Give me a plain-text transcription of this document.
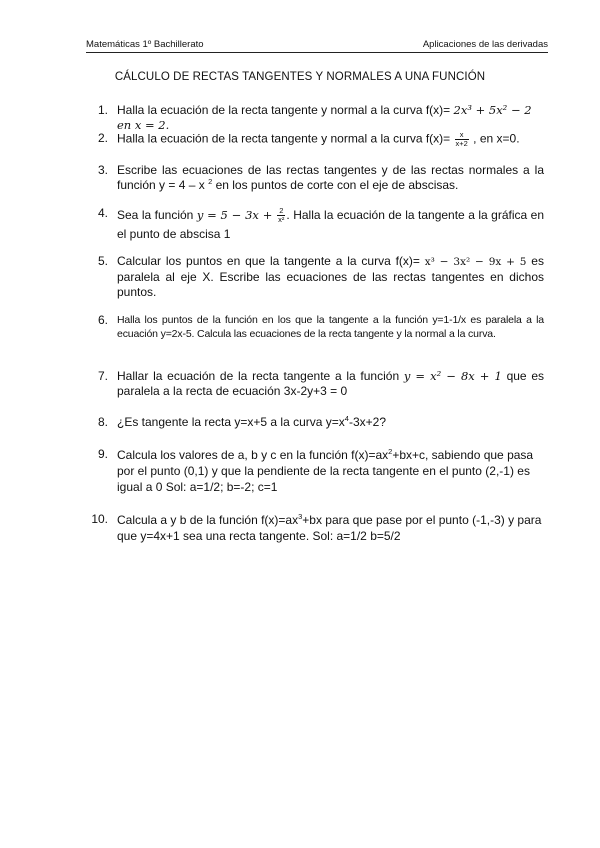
Matemáticas 1º Bachillerato	Aplicaciones de las derivadas
CÁLCULO DE RECTAS TANGENTES Y NORMALES A UNA FUNCIÓN
1. Halla la ecuación de la recta tangente y normal a la curva f(x)= 2x³ + 5x² − 2
en x = 2.
2. Halla la ecuación de la recta tangente y normal a la curva $f(x)= \frac{x}{x+2}$ , en x=0.
3. Escribe las ecuaciones de las rectas tangentes y de las rectas normales a la función y = 4 – x $^2$ en los puntos de corte con el eje de abscisas.
4. Sea la función $y = 5 - 3x + \frac{2}{\text{x²}}$ . Halla la ecuación de la tangente a la gráfica en el punto de abscisa 1
5. Calcular los puntos en que la tangente a la curva f(x)= x³ − 3x² − 9x + 5 es paralela al eje X. Escribe las ecuaciones de las rectas tangentes en dichos puntos.
6. Halla los puntos de la función en los que la tangente a la función y=1-1/x es paralela a la ecuación y=2x-5. Calcula las ecuaciones de la recta tangente y la normal a la curva.
7. Hallar la ecuación de la recta tangente a la función y = x² − 8x + 1 que es paralela a la recta de ecuación 3x-2y+3 = 0
8. ¿Es tangente la recta y=x+5 a la curva $y=x^4-3x+2$?
9. Calcula los valores de a, b y c en la función $f(x)=ax^2+bx+c$, sabiendo que pasa por el punto (0,1) y que la pendiente de la recta tangente en el punto (2,-1) es igual a 0 Sol: a=1/2; b=-2; c=1
10. Calcula a y b de la función $f(x)=ax^3+bx$ para que pase por el punto (-1,-3) y para que y=4x+1 sea una recta tangente. Sol: a=1/2 b=5/2
